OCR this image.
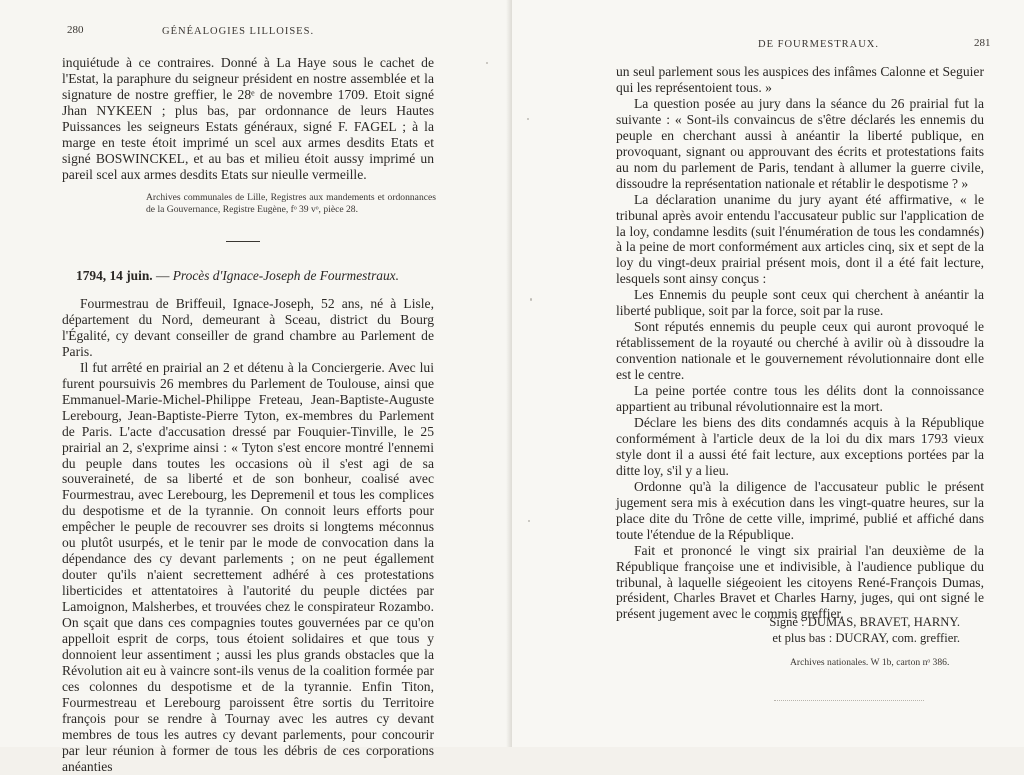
280	GÉNÉALOGIES LILLOISES.

inquiétude à ce contraires. Donné à La Haye sous le cachet de l'Estat, la paraphure du seigneur président en nostre assemblée et la signature de nostre greffier, le 28ᵉ de novembre 1709. Etoit signé Jhan NYKEEN ; plus bas, par ordonnance de leurs Hautes Puissances les seigneurs Estats généraux, signé F. FAGEL ; à la marge en teste étoit imprimé un scel aux armes desdits Etats et signé BOSWINCKEL, et au bas et milieu étoit aussy imprimé un pareil scel aux armes desdits Etats sur nieulle vermeille.

Archives communales de Lille, Registres aux mandements et ordonnances de la Gouvernance, Registre Eugène, fᵒ 39 vᵒ, pièce 28.
1794, 14 juin. — Procès d'Ignace-Joseph de Fourmestraux.

Fourmestrau de Briffeuil, Ignace-Joseph, 52 ans, né à Lisle, département du Nord, demeurant à Sceau, district du Bourg l'Égalité, cy devant conseiller de grand chambre au Parlement de Paris.

Il fut arrêté en prairial an 2 et détenu à la Conciergerie. Avec lui furent poursuivis 26 membres du Parlement de Toulouse, ainsi que Emmanuel-Marie-Michel-Philippe Freteau, Jean-Baptiste-Auguste Lerebourg, Jean-Baptiste-Pierre Tyton, ex-membres du Parlement de Paris. L'acte d'accusation dressé par Fouquier-Tinville, le 25 prairial an 2, s'exprime ainsi : « Tyton s'est encore montré l'ennemi du peuple dans toutes les occasions où il s'est agi de sa souveraineté, de sa liberté et de son bonheur, coalisé avec Fourmestrau, avec Lerebourg, les Depremenil et tous les complices du despotisme et de la tyrannie. On connoit leurs efforts pour empêcher le peuple de recouvrer ses droits si longtems méconnus ou plutôt usurpés, et le tenir par le mode de convocation dans la dépendance des cy devant parlements ; on ne peut égallement douter qu'ils n'aient secrettement adhéré à ces protestations liberticides et attentatoires à l'autorité du peuple dictées par Lamoignon, Malsherbes, et trouvées chez le conspirateur Rozambo. On sçait que dans ces compagnies toutes gouvernées par ce qu'on appelloit esprit de corps, tous étoient solidaires et que tous y donnoient leur assentiment ; aussi les plus grands obstacles que la Révolution ait eu à vaincre sont-ils venus de la coalition formée par ces colonnes du despotisme et de la tyrannie. Enfin Titon, Fourmestreau et Lerebourg paroissent être sortis du Territoire françois pour se rendre à Tournay avec les autres cy devant membres de tous les autres cy devant parlements, pour concourir par leur réunion à former de tous les débris de ces corporations anéanties

DE FOURMESTRAUX.	281

un seul parlement sous les auspices des infâmes Calonne et Seguier qui les représentoient tous. »

La question posée au jury dans la séance du 26 prairial fut la suivante : « Sont-ils convaincus de s'être déclarés les ennemis du peuple en cherchant aussi à anéantir la liberté publique, en provoquant, signant ou approuvant des écrits et protestations faits au nom du parlement de Paris, tendant à allumer la guerre civile, dissoudre la représentation nationale et rétablir le despotisme ? »

La déclaration unanime du jury ayant été affirmative, « le tribunal après avoir entendu l'accusateur public sur l'application de la loy, condamne lesdits (suit l'énumération de tous les condamnés) à la peine de mort conformément aux articles cinq, six et sept de la loy du vingt-deux prairial présent mois, dont il a été fait lecture, lesquels sont ainsy conçus :

Les Ennemis du peuple sont ceux qui cherchent à anéantir la liberté publique, soit par la force, soit par la ruse.

Sont réputés ennemis du peuple ceux qui auront provoqué le rétablissement de la royauté ou cherché à avilir où à dissoudre la convention nationale et le gouvernement révolutionnaire dont elle est le centre.

La peine portée contre tous les délits dont la connoissance appartient au tribunal révolutionnaire est la mort.

Déclare les biens des dits condamnés acquis à la République conformément à l'article deux de la loi du dix mars 1793 vieux style dont il a aussi été fait lecture, aux exceptions portées par la ditte loy, s'il y a lieu.

Ordonne qu'à la diligence de l'accusateur public le présent jugement sera mis à exécution dans les vingt-quatre heures, sur la place dite du Trône de cette ville, imprimé, publié et affiché dans toute l'étendue de la République.

Fait et prononcé le vingt six prairial l'an deuxième de la République françoise une et indivisible, à l'audience publique du tribunal, à laquelle siégeoient les citoyens René-François Dumas, président, Charles Bravet et Charles Harny, juges, qui ont signé le présent jugement avec le commis greffier.

Signé : DUMAS, BRAVET, HARNY.
et plus bas : DUCRAY, com. greffier.
Archives nationales. W 1b, carton nᵒ 386.
